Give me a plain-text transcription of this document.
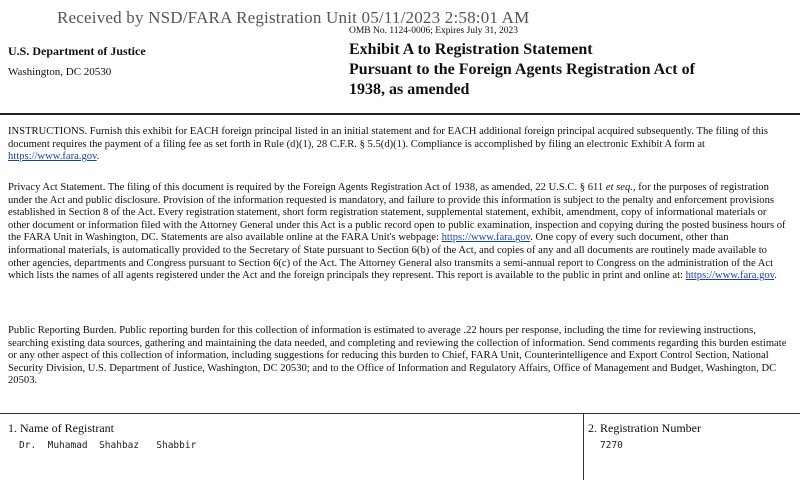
Received by NSD/FARA Registration Unit 05/11/2023 2:58:01 AM
OMB No. 1124-0006; Expires July 31, 2023
U.S. Department of Justice
Washington, DC 20530
Exhibit A to Registration Statement
Pursuant to the Foreign Agents Registration Act of
1938, as amended
INSTRUCTIONS. Furnish this exhibit for EACH foreign principal listed in an initial statement and for EACH additional foreign principal acquired subsequently. The filing of this document requires the payment of a filing fee as set forth in Rule (d)(1), 28 C.F.R. § 5.5(d)(1). Compliance is accomplished by filing an electronic Exhibit A form at https://www.fara.gov.
Privacy Act Statement. The filing of this document is required by the Foreign Agents Registration Act of 1938, as amended, 22 U.S.C. § 611 et seq., for the purposes of registration under the Act and public disclosure. Provision of the information requested is mandatory, and failure to provide this information is subject to the penalty and enforcement provisions established in Section 8 of the Act. Every registration statement, short form registration statement, supplemental statement, exhibit, amendment, copy of informational materials or other document or information filed with the Attorney General under this Act is a public record open to public examination, inspection and copying during the posted business hours of the FARA Unit in Washington, DC. Statements are also available online at the FARA Unit's webpage: https://www.fara.gov. One copy of every such document, other than informational materials, is automatically provided to the Secretary of State pursuant to Section 6(b) of the Act, and copies of any and all documents are routinely made available to other agencies, departments and Congress pursuant to Section 6(c) of the Act. The Attorney General also transmits a semi-annual report to Congress on the administration of the Act which lists the names of all agents registered under the Act and the foreign principals they represent. This report is available to the public in print and online at: https://www.fara.gov.
Public Reporting Burden. Public reporting burden for this collection of information is estimated to average .22 hours per response, including the time for reviewing instructions, searching existing data sources, gathering and maintaining the data needed, and completing and reviewing the collection of information. Send comments regarding this burden estimate or any other aspect of this collection of information, including suggestions for reducing this burden to Chief, FARA Unit, Counterintelligence and Export Control Section, National Security Division, U.S. Department of Justice, Washington, DC 20530; and to the Office of Information and Regulatory Affairs, Office of Management and Budget, Washington, DC 20503.
1. Name of Registrant
Dr.  Muhamad  Shahbaz   Shabbir
2. Registration Number
7270
